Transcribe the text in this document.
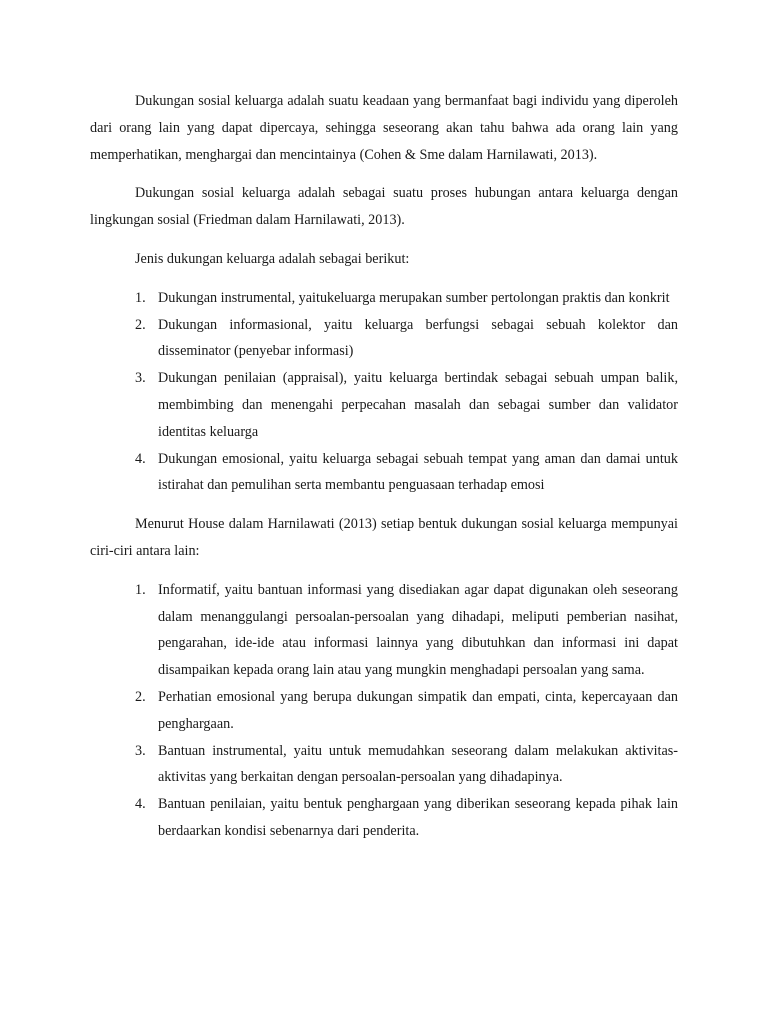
Dukungan sosial keluarga adalah suatu keadaan yang bermanfaat bagi individu yang diperoleh dari orang lain yang dapat dipercaya, sehingga seseorang akan tahu bahwa ada orang lain yang memperhatikan, menghargai dan mencintainya (Cohen & Sme dalam Harnilawati, 2013).

Dukungan sosial keluarga adalah sebagai suatu proses hubungan antara keluarga dengan lingkungan sosial (Friedman dalam Harnilawati, 2013).

Jenis dukungan keluarga adalah sebagai berikut:

1. Dukungan instrumental, yaitukeluarga merupakan sumber pertolongan praktis dan konkrit
2. Dukungan informasional, yaitu keluarga berfungsi sebagai sebuah kolektor dan disseminator (penyebar informasi)
3. Dukungan penilaian (appraisal), yaitu keluarga bertindak sebagai sebuah umpan balik, membimbing dan menengahi perpecahan masalah dan sebagai sumber dan validator identitas keluarga
4. Dukungan emosional, yaitu keluarga sebagai sebuah tempat yang aman dan damai untuk istirahat dan pemulihan serta membantu penguasaan terhadap emosi

Menurut House dalam Harnilawati (2013) setiap bentuk dukungan sosial keluarga mempunyai ciri-ciri antara lain:

1. Informatif, yaitu bantuan informasi yang disediakan agar dapat digunakan oleh seseorang dalam menanggulangi persoalan-persoalan yang dihadapi, meliputi pemberian nasihat, pengarahan, ide-ide atau informasi lainnya yang dibutuhkan dan informasi ini dapat disampaikan kepada orang lain atau yang mungkin menghadapi persoalan yang sama.
2. Perhatian emosional yang berupa dukungan simpatik dan empati, cinta, kepercayaan dan penghargaan.
3. Bantuan instrumental, yaitu untuk memudahkan seseorang dalam melakukan aktivitas-aktivitas yang berkaitan dengan persoalan-persoalan yang dihadapinya.
4. Bantuan penilaian, yaitu bentuk penghargaan yang diberikan seseorang kepada pihak lain berdaarkan kondisi sebenarnya dari penderita.
